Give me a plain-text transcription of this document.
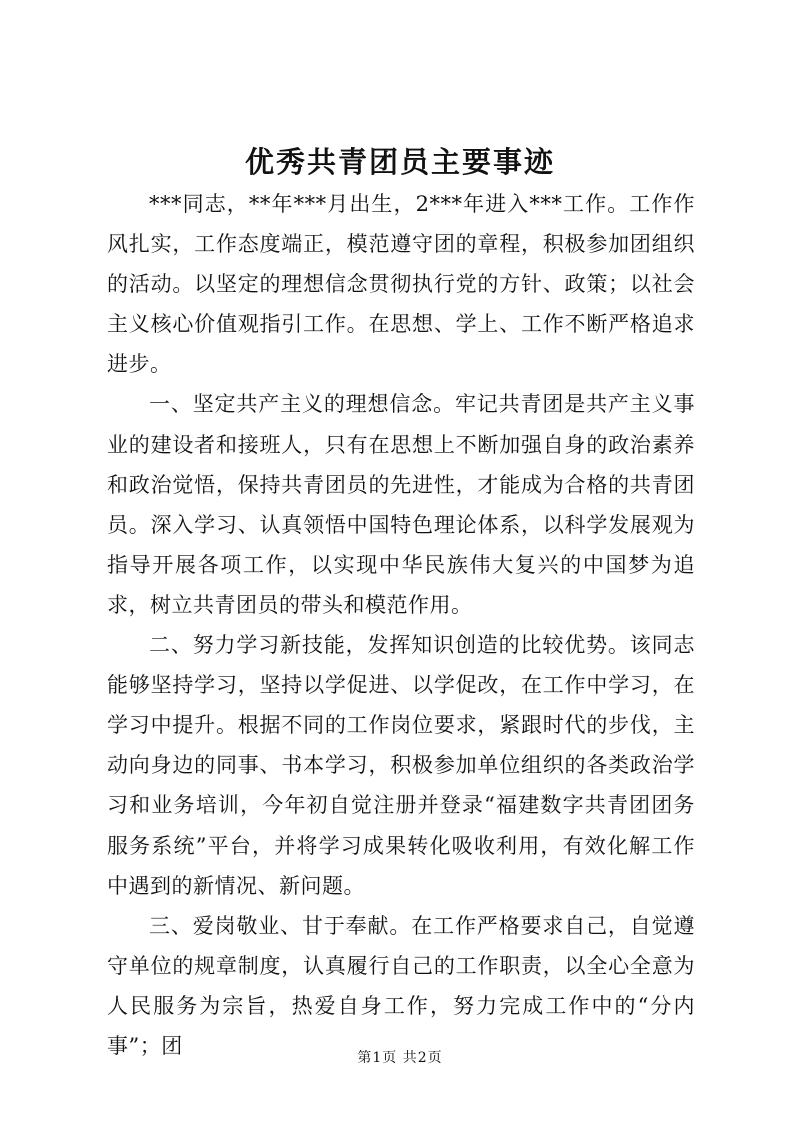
优秀共青团员主要事迹

***同志，**年***月出生，2***年进入***工作。工作作风扎实，工作态度端正，模范遵守团的章程，积极参加团组织的活动。以坚定的理想信念贯彻执行党的方针、政策；以社会主义核心价值观指引工作。在思想、学上、工作不断严格追求进步。

一、坚定共产主义的理想信念。牢记共青团是共产主义事业的建设者和接班人，只有在思想上不断加强自身的政治素养和政治觉悟，保持共青团员的先进性，才能成为合格的共青团员。深入学习、认真领悟中国特色理论体系，以科学发展观为指导开展各项工作，以实现中华民族伟大复兴的中国梦为追求，树立共青团员的带头和模范作用。

二、努力学习新技能，发挥知识创造的比较优势。该同志能够坚持学习，坚持以学促进、以学促改，在工作中学习，在学习中提升。根据不同的工作岗位要求，紧跟时代的步伐，主动向身边的同事、书本学习，积极参加单位组织的各类政治学习和业务培训，今年初自觉注册并登录“福建数字共青团团务服务系统”平台，并将学习成果转化吸收利用，有效化解工作中遇到的新情况、新问题。

三、爱岗敬业、甘于奉献。在工作严格要求自己，自觉遵守单位的规章制度，认真履行自己的工作职责，以全心全意为人民服务为宗旨，热爱自身工作，努力完成工作中的“分内事”；团

第1页 共2页
